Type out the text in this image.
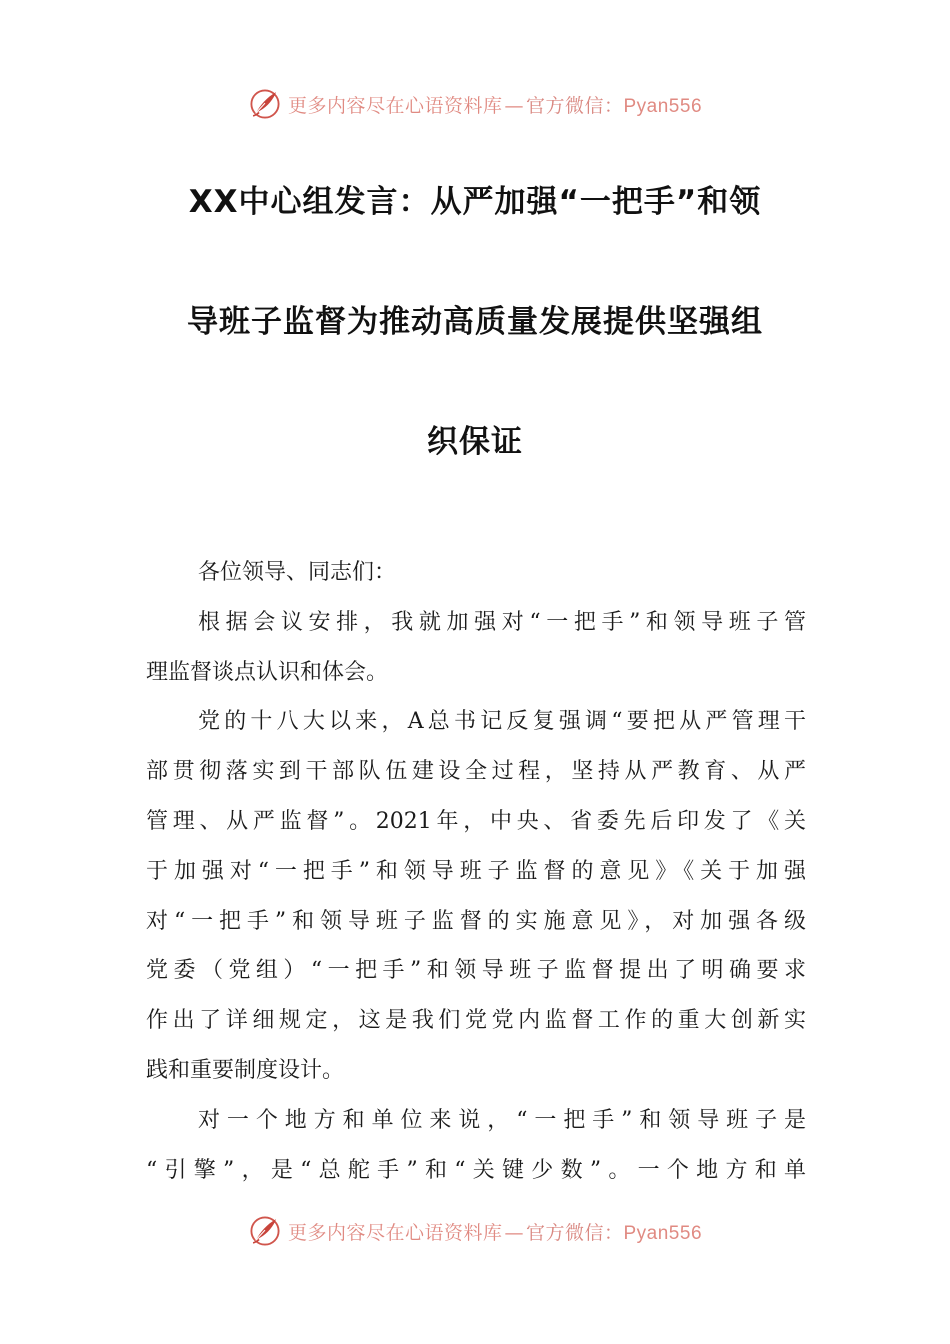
更多内容尽在心语资料库 — 官方微信：Pyan556
XX中心组发言：从严加强“一把手”和领
导班子监督为推动高质量发展提供坚强组
织保证
各位领导、同志们：
根据会议安排，我就加强对“一把手”和领导班子管
理监督谈点认识和体会。
党的十八大以来，A总书记反复强调“要把从严管理干
部贯彻落实到干部队伍建设全过程，坚持从严教育、从严
管理、从严监督”。2021年，中央、省委先后印发了《关
于加强对“一把手”和领导班子监督的意见》《关于加强
对“一把手”和领导班子监督的实施意见》，对加强各级
党委（党组）“一把手”和领导班子监督提出了明确要求
作出了详细规定，这是我们党党内监督工作的重大创新实
践和重要制度设计。
对一个地方和单位来说，“一把手”和领导班子是
“引擎”，是“总舵手”和“关键少数”。一个地方和单
更多内容尽在心语资料库 — 官方微信：Pyan556
